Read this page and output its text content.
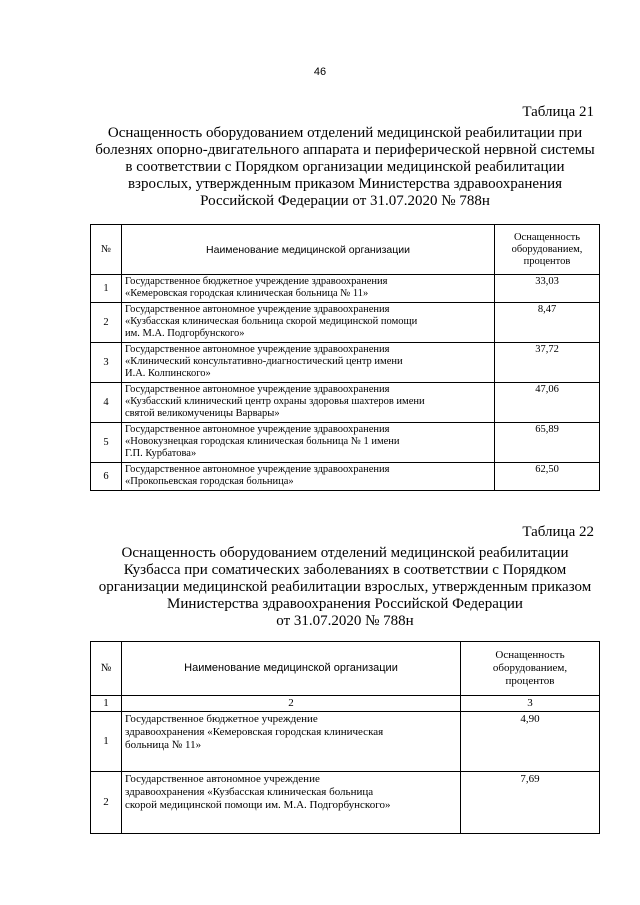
46
Таблица 21
Оснащенность оборудованием отделений медицинской реабилитации при
болезнях опорно-двигательного аппарата и периферической нервной системы
в соответствии с Порядком организации медицинской реабилитации
взрослых, утвержденным приказом Министерства здравоохранения
Российской Федерации от 31.07.2020 № 788н
№	Наименование медицинской организации	Оснащенность
оборудованием,
процентов

1	Государственное бюджетное учреждение здравоохранения
«Кемеровская городская клиническая больница № 11»	33,03
2	Государственное автономное учреждение здравоохранения
«Кузбасская клиническая больница скорой медицинской помощи
им. М.А. Подгорбунского»	8,47
3	Государственное автономное учреждение здравоохранения
«Клинический консультативно-диагностический центр имени
И.А. Колпинского»	37,72
4	Государственное автономное учреждение здравоохранения
«Кузбасский клинический центр охраны здоровья шахтеров имени
святой великомученицы Варвары»	47,06
5	Государственное автономное учреждение здравоохранения
«Новокузнецкая городская клиническая больница № 1 имени
Г.П. Курбатова»	65,89
6	Государственное автономное учреждение здравоохранения
«Прокопьевская городская больница»	62,50
Таблица 22
Оснащенность оборудованием отделений медицинской реабилитации
Кузбасса при соматических заболеваниях в соответствии с Порядком
организации медицинской реабилитации взрослых, утвержденным приказом
Министерства здравоохранения Российской Федерации
от 31.07.2020 № 788н
№	Наименование медицинской организации	Оснащенность
оборудованием,
процентов

1	2	3
1	Государственное бюджетное учреждение
здравоохранения «Кемеровская городская клиническая
больница № 11»	4,90
2	Государственное автономное учреждение
здравоохранения «Кузбасская клиническая больница
скорой медицинской помощи им. М.А. Подгорбунского»	7,69
